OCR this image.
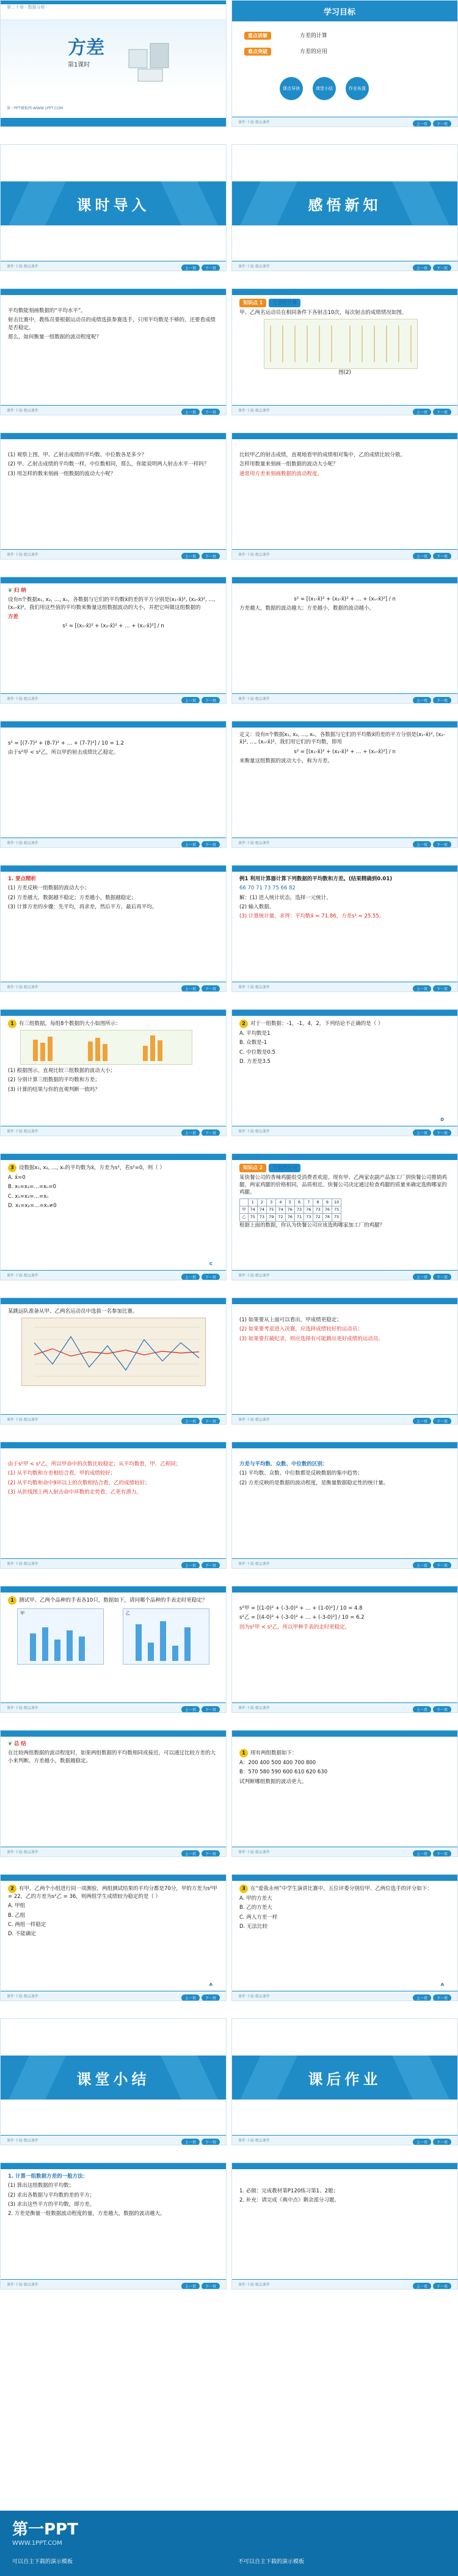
第二十章 · 数据分析
方差
第1课时
第一PPT模板网-WWW.1PPT.COM
学习目标
重点讲解	方差的计算
难点突破	方差的应用
课点导读	课堂小结	作业布置
课件·下载·精品课件	上一页	下一页
课时导入
课件·下载·精品课件	上一页	下一页
感悟新知
课件·下载·精品课件	上一页	下一页

平均数能刻画数据的“平均水平”。

射击比赛中，教练员要根据运动员的成绩选拔参赛选手，只用平均数是不够的，还要看成绩是否稳定。

那么，如何衡量一组数据的波动程度呢？

课件·下载·精品课件	上一页	下一页

知识点 1 方差的计算

甲、乙两名运动员在相同条件下各射击10次，每次射击的成绩情况如图。

图(2)

课件·下载·精品课件	上一页	下一页

(1) 观察上图，甲、乙射击成绩的平均数、中位数各是多少？

(2) 甲、乙射击成绩的平均数一样，中位数相同，那么，你能说明两人射击水平一样吗？

(3) 用怎样的数来刻画一组数据的波动大小呢？

课件·下载·精品课件	上一页	下一页

比较甲乙的射击成绩，直观地看甲的成绩相对集中，乙的成绩比较分散。

怎样用数量来刻画一组数据的波动大小呢？

通常用方差来刻画数据的波动程度。

课件·下载·精品课件	上一页	下一页

❦ 归 纳

设有n个数据x₁, x₂, …, xₙ，各数据与它们的平均数x̄的差的平方分别是(x₁-x̄)², (x₂-x̄)², …, (xₙ-x̄)²，我们用这些值的平均数来衡量这组数据波动的大小，并把它叫做这组数据的

方差

s² = [(x₁-x̄)² + (x₂-x̄)² + … + (xₙ-x̄)²] / n

课件·下载·精品课件	上一页	下一页

s² = [(x₁-x̄)² + (x₂-x̄)² + … + (xₙ-x̄)²] / n

方差越大，数据的波动越大；方差越小，数据的波动越小。

课件·下载·精品课件	上一页	下一页

s² = [(7-7)² + (8-7)² + … + (7-7)²] / 10 = 1.2

由于s²甲 < s²乙，所以甲的射击成绩比乙稳定。

课件·下载·精品课件	上一页	下一页

定义：设有n个数据x₁, x₂, …, xₙ，各数据与它们的平均数x̄的差的平方分别是(x₁-x̄)², (x₂-x̄)², …, (xₙ-x̄)²，我们用它们的平均数，即用

s² = [(x₁-x̄)² + (x₂-x̄)² + … + (xₙ-x̄)²] / n

来衡量这组数据的波动大小，称为方差。

课件·下载·精品课件	上一页	下一页

1. 要点精析

(1) 方差反映一组数据的波动大小；

(2) 方差越大，数据越不稳定；方差越小，数据越稳定；

(3) 计算方差的步骤：先平均，再求差，然后平方，最后再平均。

课件·下载·精品课件	上一页	下一页

例1 利用计算器计算下列数据的平均数和方差。(结果精确到0.01)

66 70 71 73 75 66 82

解：(1) 进入统计状态，选择一元统计。

(2) 输入数据。

(3) 计算统计量，求得：平均数x̄ ≈ 71.86，方差s² ≈ 25.55。

课件·下载·精品课件	上一页	下一页

1 有三组数据，每组8个数据的大小如图所示：

(1) 根据图示，直观比较三组数据的波动大小；

(2) 分别计算三组数据的平均数和方差；

(3) 计算的结果与你的直观判断一致吗？

课件·下载·精品课件	上一页	下一页

2 对于一组数据：-1，-1，4，2，下列结论不正确的是（ ）

A. 平均数是1

B. 众数是-1

C. 中位数是0.5

D. 方差是3.5

D
课件·下载·精品课件	上一页	下一页

3 设数据x₁, x₂, …, xₙ的平均数为x̄，方差为s²，若s²=0，则（ ）

A. x̄=0

B. x₁=x₂=…=xₙ=0

C. x₁=x₂=…=xₙ

D. x₁=x₂=…=xₙ≠0

C
课件·下载·精品课件	上一页	下一页

知识点 2 方差的应用

某快餐公司的香辣鸡腿很受消费者欢迎。现有甲、乙两家农副产品加工厂到快餐公司推销鸡腿，两家鸡腿的价格相同，品质相近。快餐公司决定通过检查鸡腿的质量来确定选购哪家的鸡腿。

	1	2	3	4	5	6	7	8	9	10
甲	74	74	75	74	76	73	76	73	76	75
乙	75	73	79	72	76	71	73	72	78	75

根据上面的数据，你认为快餐公司应该选购哪家加工厂的鸡腿？

课件·下载·精品课件	上一页	下一页

某跳远队准备从甲、乙两名运动员中选拔一名参加比赛。

课件·下载·精品课件	上一页	下一页

(1) 如果要从上面可以看出，甲成绩更稳定；

(2) 如果要考虑进入决赛，应选择成绩较好的运动员；

(3) 如果要打破纪录，则应选择有可能跳出更好成绩的运动员。

课件·下载·精品课件	上一页	下一页

由于s²甲 < s²乙，所以甲命中的次数比较稳定；从平均数看，甲、乙相同；

(1) 从平均数和方差相结合看，甲的成绩较好；

(2) 从平均数和命中9环以上的次数相结合看，乙的成绩较好；

(3) 从折线图上两人射击命中环数的走势看，乙更有潜力。

课件·下载·精品课件	上一页	下一页

方差与平均数、众数、中位数的区别：

(1) 平均数、众数、中位数都是反映数据的集中趋势；

(2) 方差反映的是数据的波动程度，是衡量数据稳定性的统计量。

课件·下载·精品课件	上一页	下一页

1 测试甲、乙两个品种的手表各10只，数据如下，请问哪个品种的手表走时更稳定？

甲	乙
课件·下载·精品课件	上一页	下一页

s²甲 = [(1-0)² + (-3-0)² + … + (1-0)²] / 10 = 4.8

s²乙 = [(4-0)² + (-3-0)² + … + (-3-0)²] / 10 = 6.2

因为s²甲 < s²乙，所以甲种手表的走时更稳定。

课件·下载·精品课件	上一页	下一页

❦ 总 结

在比较两组数据的波动程度时，如果两组数据的平均数相同或接近，可以通过比较方差的大小来判断。方差越小，数据越稳定。

课件·下载·精品课件	上一页	下一页

1 现有两组数据如下：

A：200 400 500 400 700 800

B：570 580 590 600 610 620 630

试判断哪组数据的波动更大。

课件·下载·精品课件	上一页	下一页

2 有甲、乙两个小组进行同一项测验，两组测试结果的平均分都是70分，甲的方差为s²甲 = 22，乙的方差为s²乙 = 36，则两组学生成绩较为稳定的是（ ）

A. 甲组

B. 乙组

C. 两组一样稳定

D. 不能确定

A
课件·下载·精品课件	上一页	下一页

3 在“爱我永州”中学生演讲比赛中，五位评委分别给甲、乙两位选手的评分如下：

A. 甲的方差大

B. 乙的方差大

C. 两人方差一样

D. 无法比较

A
课件·下载·精品课件	上一页	下一页
课堂小结
课件·下载·精品课件	上一页	下一页
课后作业
课件·下载·精品课件	上一页	下一页

1. 计算一组数据方差的一般方法：

(1) 算出这组数据的平均数；

(2) 求出各数据与平均数的差的平方；

(3) 求出这些平方的平均数，即方差。

2. 方差是衡量一组数据波动程度的量，方差越大，数据的波动越大。

课件·下载·精品课件	上一页	下一页

1. 必做：完成教材第P120练习第1、2题；

2. 补充：请完成《典中点》剩余部分习题。

课件·下载·精品课件	上一页	下一页
第一PPT
WWW.1PPT.COM
可以自主下载的演示模板	不可以自主下载的演示模板
